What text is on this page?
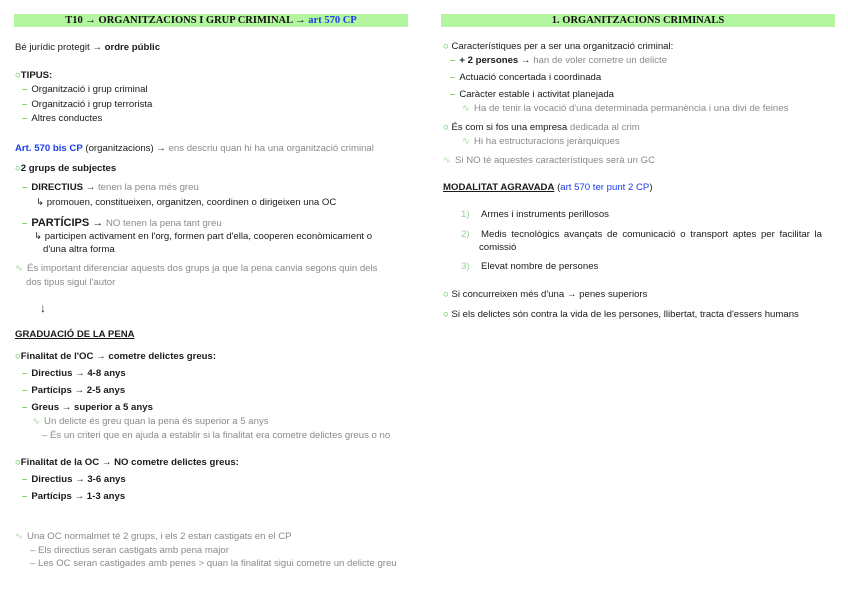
T10 → ORGANITZACIONS I GRUP CRIMINAL → art 570 CP
Bé jurídic protegit → ordre públic
○TIPUS:
– Organització i grup criminal
– Organització i grup terrorista
– Altres conductes
Art. 570 bis CP (organitzacions) → ens descriu quan hi ha una organització criminal
○2 grups de subjectes
– DIRECTIUS → tenen la pena més greu
↳ promouen, constitueixen, organitzen, coordinen o dirigeixen una OC
– PARTÍCIPS → NO tenen la pena tant greu
↳ participen activament en l'org, formen part d'ella, cooperen econòmicament o
d'una altra forma
∿ És important diferenciar aquests dos grups ja que la pena canvia segons quin dels
dos tipus sigui l'autor
↓
GRADUACIÓ DE LA PENA
○Finalitat de l'OC → cometre delictes greus:
– Directius → 4-8 anys
– Partícips → 2-5 anys
– Greus → superior a 5 anys
∿ Un delicte és greu quan la pena és superior a 5 anys
– És un criteri que en ajuda a establir si la finalitat era cometre delictes greus o no
○Finalitat de la OC → NO cometre delictes greus:
– Directius → 3-6 anys
– Partícips → 1-3 anys
∿ Una OC normalmet té 2 grups, i els 2 estan castigats en el CP
– Els directius seran castigats amb pena major
– Les OC seran castigades amb penes > quan la finalitat sigui cometre un delicte greu
1. ORGANITZACIONS CRIMINALS
○ Característiques per a ser una organització criminal:
– + 2 persones → han de voler cometre un delicte
– Actuació concertada i coordinada
– Caràcter estable i activitat planejada
∿ Ha de tenir la vocació d'una determinada permanència i una divi de feines
○ És com si fos una empresa dedicada al crim
∿ Hi ha estructuracions jeràrquiques
∿ Si NO té aquestes característiques serà un GC
MODALITAT AGRAVADA (art 570 ter punt 2 CP)
1) Armes i instruments perillosos
2) Medis tecnològics avançats de comunicació o transport aptes per facilitar la
comissió
3) Elevat nombre de persones
○ Si concurreixen més d'una → penes superiors
○ Si els delictes són contra la vida de les persones, llibertat, tracta d'essers humans
